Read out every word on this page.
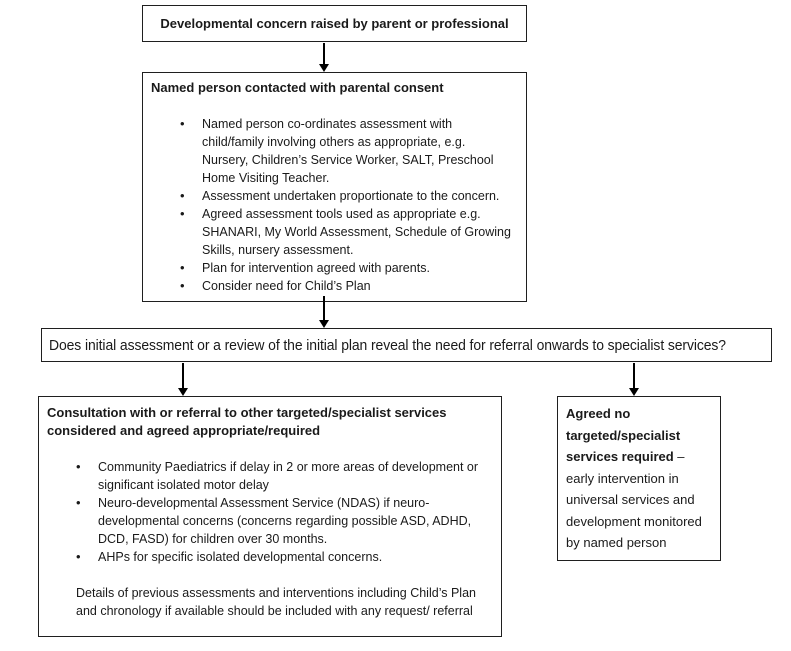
Developmental concern raised by parent or professional
Named person contacted with parental consent
• Named person co-ordinates assessment with child/family involving others as appropriate, e.g. Nursery, Children’s Service Worker, SALT, Preschool Home Visiting Teacher.
• Assessment undertaken proportionate to the concern.
• Agreed assessment tools used as appropriate e.g. SHANARI, My World Assessment, Schedule of Growing Skills, nursery assessment.
• Plan for intervention agreed with parents.
• Consider need for Child’s Plan
Does initial assessment or a review of the initial plan reveal the need for referral onwards to specialist services?
Consultation with or referral to other targeted/specialist services considered and agreed appropriate/required
• Community Paediatrics if delay in 2 or more areas of development or significant isolated motor delay
• Neuro-developmental Assessment Service (NDAS) if neuro-developmental concerns (concerns regarding possible ASD, ADHD, DCD, FASD) for children over 30 months.
• AHPs for specific isolated developmental concerns.
Details of previous assessments and interventions including Child’s Plan and chronology if available should be included with any request/ referral
Agreed no targeted/specialist services required – early intervention in universal services and development monitored by named person
